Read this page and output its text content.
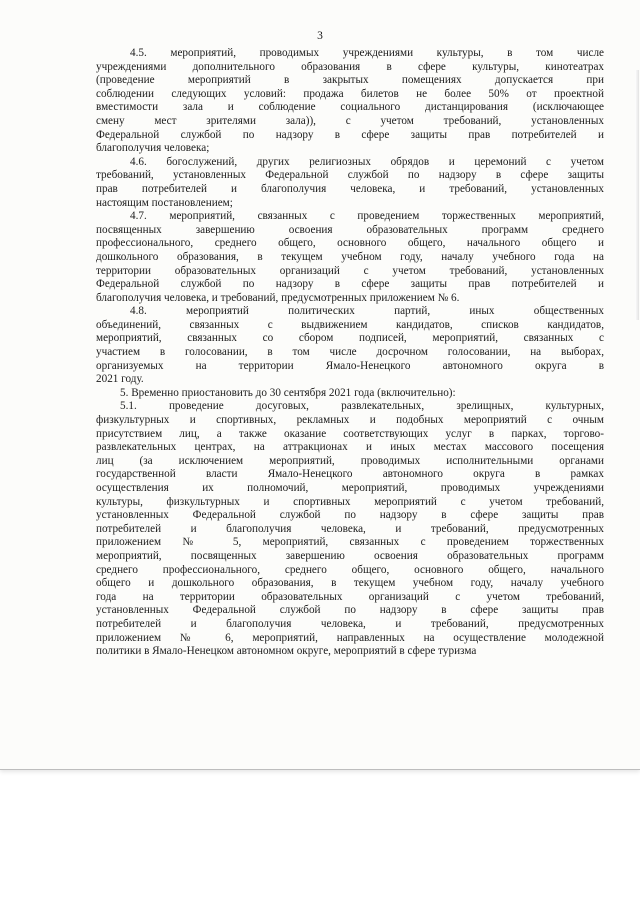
3

4.5. мероприятий, проводимых учреждениями культуры, в том числе
учреждениями дополнительного образования в сфере культуры, кинотеатрах
(проведение мероприятий в закрытых помещениях допускается при
соблюдении следующих условий: продажа билетов не более 50% от проектной
вместимости зала и соблюдение социального дистанцирования (исключающее
смену мест зрителями зала)), с учетом требований, установленных
Федеральной службой по надзору в сфере защиты прав потребителей и
благополучия человека;

4.6. богослужений, других религиозных обрядов и церемоний с учетом
требований, установленных Федеральной службой по надзору в сфере защиты
прав потребителей и благополучия человека, и требований, установленных
настоящим постановлением;

4.7. мероприятий, связанных с проведением торжественных мероприятий,
посвященных завершению освоения образовательных программ среднего
профессионального, среднего общего, основного общего, начального общего и
дошкольного образования, в текущем учебном году, началу учебного года на
территории образовательных организаций с учетом требований, установленных
Федеральной службой по надзору в сфере защиты прав потребителей и
благополучия человека, и требований, предусмотренных приложением № 6.

4.8. мероприятий политических партий, иных общественных
объединений, связанных с выдвижением кандидатов, списков кандидатов,
мероприятий, связанных со сбором подписей, мероприятий, связанных с
участием в голосовании, в том числе досрочном голосовании, на выборах,
организуемых на территории Ямало-Ненецкого автономного округа в
2021 году.

5. Временно приостановить до 30 сентября 2021 года (включительно):

5.1. проведение досуговых, развлекательных, зрелищных, культурных,
физкультурных и спортивных, рекламных и подобных мероприятий с очным
присутствием лиц, а также оказание соответствующих услуг в парках, торгово-
развлекательных центрах, на аттракционах и иных местах массового посещения
лиц (за исключением мероприятий, проводимых исполнительными органами
государственной власти Ямало-Ненецкого автономного округа в рамках
осуществления их полномочий, мероприятий, проводимых учреждениями
культуры, физкультурных и спортивных мероприятий с учетом требований,
установленных Федеральной службой по надзору в сфере защиты прав
потребителей и благополучия человека, и требований, предусмотренных
приложением № 5, мероприятий, связанных с проведением торжественных
мероприятий, посвященных завершению освоения образовательных программ
среднего профессионального, среднего общего, основного общего, начального
общего и дошкольного образования, в текущем учебном году, началу учебного
года на территории образовательных организаций с учетом требований,
установленных Федеральной службой по надзору в сфере защиты прав
потребителей и благополучия человека, и требований, предусмотренных
приложением № 6, мероприятий, направленных на осуществление молодежной
политики в Ямало-Ненецком автономном округе, мероприятий в сфере туризма
